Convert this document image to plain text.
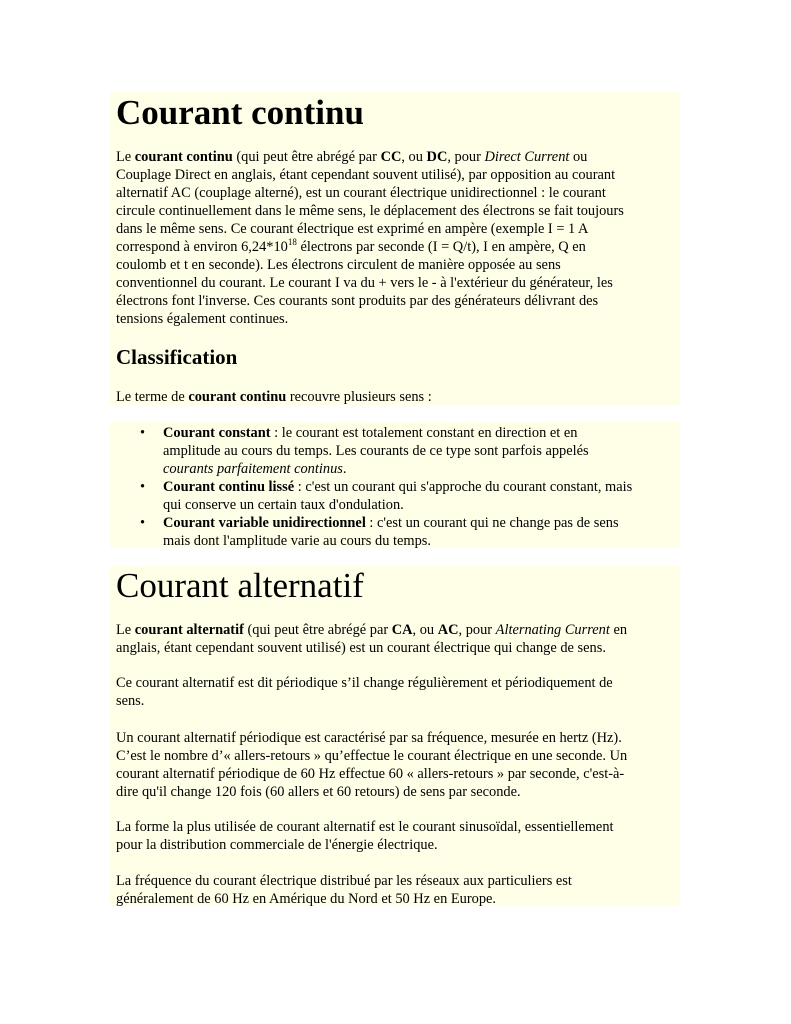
Courant continu

Le courant continu (qui peut être abrégé par CC, ou DC, pour Direct Current ou
Couplage Direct en anglais, étant cependant souvent utilisé), par opposition au courant
alternatif AC (couplage alterné), est un courant électrique unidirectionnel : le courant
circule continuellement dans le même sens, le déplacement des électrons se fait toujours
dans le même sens. Ce courant électrique est exprimé en ampère (exemple I = 1 A
correspond à environ $6,24*10^{18}$ électrons par seconde (I = Q/t), I en ampère, Q en
coulomb et t en seconde). Les électrons circulent de manière opposée au sens
conventionnel du courant. Le courant I va du + vers le - à l'extérieur du générateur, les
électrons font l'inverse. Ces courants sont produits par des générateurs délivrant des
tensions également continues.

Classification

Le terme de courant continu recouvre plusieurs sens :

• Courant constant : le courant est totalement constant en direction et en
amplitude au cours du temps. Les courants de ce type sont parfois appelés
courants parfaitement continus.
• Courant continu lissé : c'est un courant qui s'approche du courant constant, mais
qui conserve un certain taux d'ondulation.
• Courant variable unidirectionnel : c'est un courant qui ne change pas de sens
mais dont l'amplitude varie au cours du temps.
Courant alternatif

Le courant alternatif (qui peut être abrégé par CA, ou AC, pour Alternating Current en
anglais, étant cependant souvent utilisé) est un courant électrique qui change de sens.

Ce courant alternatif est dit périodique s’il change régulièrement et périodiquement de
sens.

Un courant alternatif périodique est caractérisé par sa fréquence, mesurée en hertz (Hz).
C’est le nombre d’« allers-retours » qu’effectue le courant électrique en une seconde. Un
courant alternatif périodique de 60 Hz effectue 60 « allers-retours » par seconde, c'est-à-
dire qu'il change 120 fois (60 allers et 60 retours) de sens par seconde.

La forme la plus utilisée de courant alternatif est le courant sinusoïdal, essentiellement
pour la distribution commerciale de l'énergie électrique.

La fréquence du courant électrique distribué par les réseaux aux particuliers est
généralement de 60 Hz en Amérique du Nord et 50 Hz en Europe.
